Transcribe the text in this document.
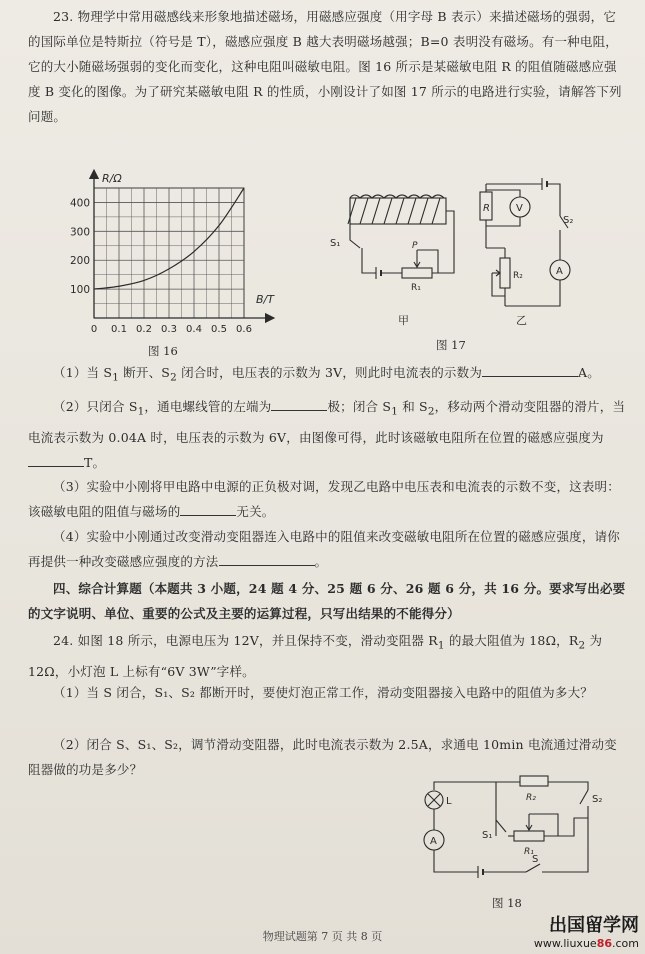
23. 物理学中常用磁感线来形象地描述磁场，用磁感应强度（用字母 B 表示）来描述磁场的强弱，它的国际单位是特斯拉（符号是 T），磁感应强度 B 越大表明磁场越强；B=0 表明没有磁场。有一种电阻，它的大小随磁场强弱的变化而变化，这种电阻叫磁敏电阻。图 16 所示是某磁敏电阻 R 的阻值随磁感应强度 B 变化的图像。为了研究某磁敏电阻 R 的性质，小刚设计了如图 17 所示的电路进行实验，请解答下列问题。
R/Ω
B/T
100
200
300
400
0 0.1 0.2 0.3 0.4 0.5 0.6
图 16
S₁	P
R₁
甲
R	V
S₂
R₂	A
乙
图 17
（1）当 $S_1$ 断开、$S_2$ 闭合时，电压表的示数为 3V，则此时电流表的示数为	A。
（2）只闭合 $S_1$，通电螺线管的左端为	极；闭合 $S_1$ 和 $S_2$，移动两个滑动变阻器的滑片，当电流表示数为 0.04A 时，电压表的示数为 6V，由图像可得，此时该磁敏电阻所在位置的磁感应强度为T。
（3）实验中小刚将甲电路中电源的正负极对调，发现乙电路中电压表和电流表的示数不变，这表明：该磁敏电阻的阻值与磁场的	无关。
（4）实验中小刚通过改变滑动变阻器连入电路中的阻值来改变磁敏电阻所在位置的磁感应强度，请你再提供一种改变磁感应强度的方法	。
四、综合计算题（本题共 3 小题，24 题 4 分、25 题 6 分、26 题 6 分，共 16 分。要求写出必要的文字说明、单位、重要的公式及主要的运算过程，只写出结果的不能得分）
24. 如图 18 所示，电源电压为 12V，并且保持不变，滑动变阻器 $R_1$ 的最大阻值为 18Ω，$R_2$ 为 12Ω，小灯泡 L 上标有“6V 3W”字样。
（1）当 S 闭合，S₁、S₂ 都断开时，要使灯泡正常工作，滑动变阻器接入电路中的阻值为多大？
（2）闭合 S、S₁、S₂，调节滑动变阻器，此时电流表示数为 2.5A，求通电 10min 电流通过滑动变阻器做的功是多少？
L	R₂	S₂
S₁
R₁
A
S
图 18
物理试题第 7 页 共 8 页
出国留学网
www.liuxue86.com
